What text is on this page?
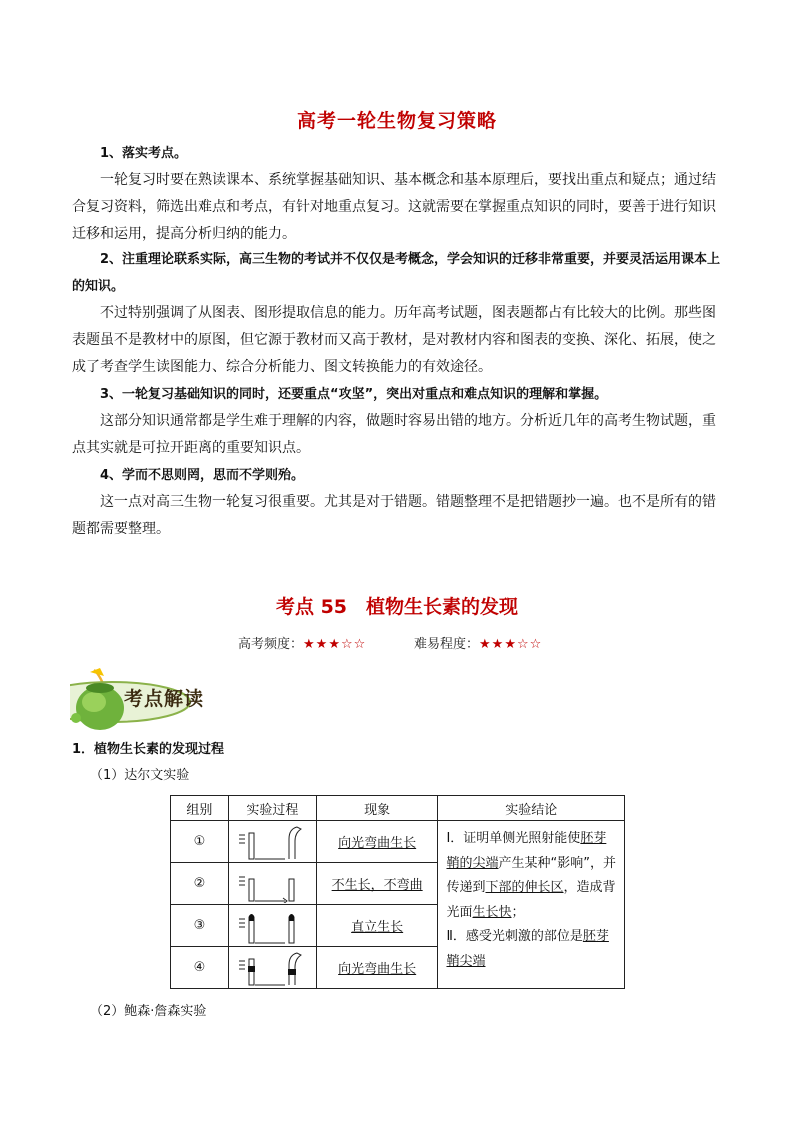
高考一轮生物复习策略
1、落实考点。
一轮复习时要在熟读课本、系统掌握基础知识、基本概念和基本原理后，要找出重点和疑点；通过结合复习资料，筛选出难点和考点，有针对地重点复习。这就需要在掌握重点知识的同时，要善于进行知识迁移和运用，提高分析归纳的能力。
2、注重理论联系实际，高三生物的考试并不仅仅是考概念，学会知识的迁移非常重要，并要灵活运用课本上的知识。
不过特别强调了从图表、图形提取信息的能力。历年高考试题，图表题都占有比较大的比例。那些图表题虽不是教材中的原图，但它源于教材而又高于教材，是对教材内容和图表的变换、深化、拓展，使之成了考查学生读图能力、综合分析能力、图文转换能力的有效途径。
3、一轮复习基础知识的同时，还要重点“攻坚”，突出对重点和难点知识的理解和掌握。
这部分知识通常都是学生难于理解的内容，做题时容易出错的地方。分析近几年的高考生物试题，重点其实就是可拉开距离的重要知识点。
4、学而不思则罔，思而不学则殆。
这一点对高三生物一轮复习很重要。尤其是对于错题。错题整理不是把错题抄一遍。也不是所有的错题都需要整理。
考点 55　植物生长素的发现
高考频度：★★★☆☆	难易程度：★★★☆☆
考点解读
1．植物生长素的发现过程
（1）达尔文实验
组别	实验过程	现象	实验结论
①		向光弯曲生长	Ⅰ．证明单侧光照射能使胚芽鞘的尖端产生某种“影响”，并传递到下部的伸长区，造成背光面生长快；
Ⅱ．感受光刺激的部位是胚芽鞘尖端
②		不生长，不弯曲	
③		直立生长	
④		向光弯曲生长	
（2）鲍森·詹森实验
